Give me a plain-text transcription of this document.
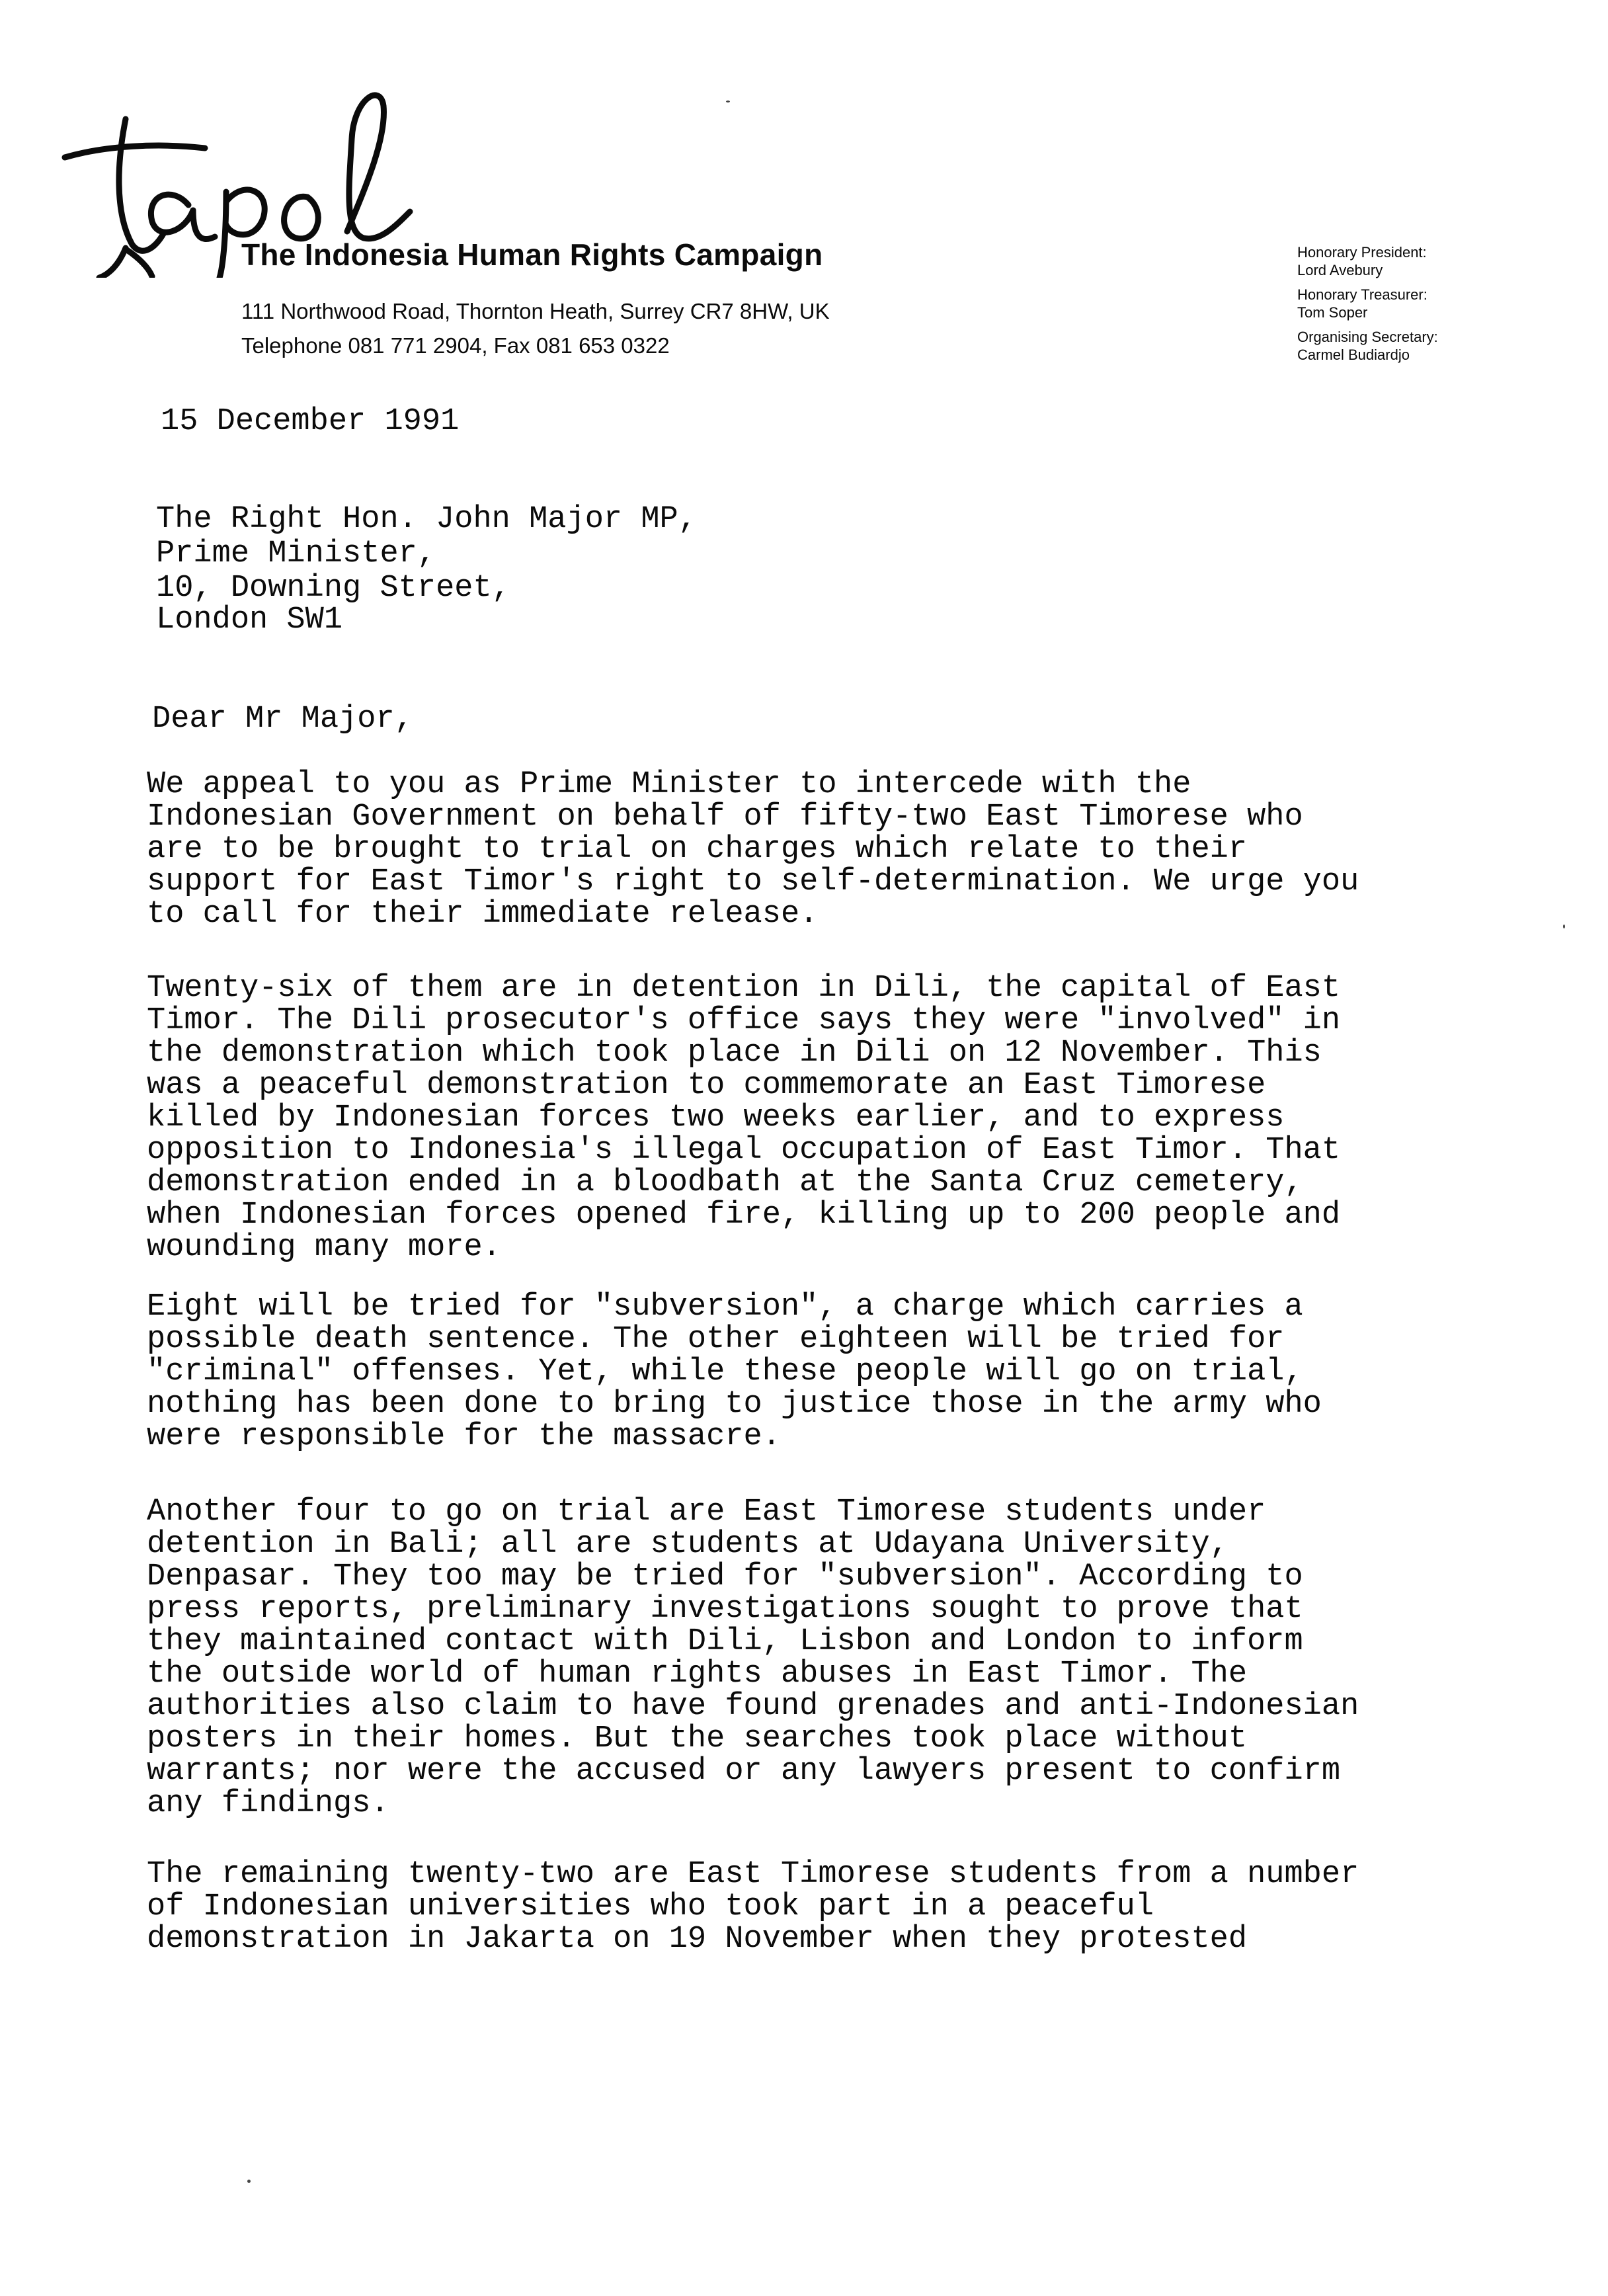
The Indonesia Human Rights Campaign
111 Northwood Road, Thornton Heath, Surrey CR7 8HW, UK
Telephone 081 771 2904, Fax 081 653 0322
Honorary President:
Lord Avebury
Honorary Treasurer:
Tom Soper
Organising Secretary:
Carmel Budiardjo
15 December 1991
The Right Hon. John Major MP,
Prime Minister,
10, Downing Street,
London SW1
Dear Mr Major,
We appeal to you as Prime Minister to intercede with the
Indonesian Government on behalf of fifty-two East Timorese who
are to be brought to trial on charges which relate to their
support for East Timor's right to self-determination. We urge you
to call for their immediate release.
Twenty-six of them are in detention in Dili, the capital of East
Timor. The Dili prosecutor's office says they were "involved" in
the demonstration which took place in Dili on 12 November. This
was a peaceful demonstration to commemorate an East Timorese
killed by Indonesian forces two weeks earlier, and to express
opposition to Indonesia's illegal occupation of East Timor. That
demonstration ended in a bloodbath at the Santa Cruz cemetery,
when Indonesian forces opened fire, killing up to 200 people and
wounding many more.
Eight will be tried for "subversion", a charge which carries a
possible death sentence. The other eighteen will be tried for
"criminal" offenses. Yet, while these people will go on trial,
nothing has been done to bring to justice those in the army who
were responsible for the massacre.
Another four to go on trial are East Timorese students under
detention in Bali; all are students at Udayana University,
Denpasar. They too may be tried for "subversion". According to
press reports, preliminary investigations sought to prove that
they maintained contact with Dili, Lisbon and London to inform
the outside world of human rights abuses in East Timor. The
authorities also claim to have found grenades and anti-Indonesian
posters in their homes. But the searches took place without
warrants; nor were the accused or any lawyers present to confirm
any findings.
The remaining twenty-two are East Timorese students from a number
of Indonesian universities who took part in a peaceful
demonstration in Jakarta on 19 November when they protested
